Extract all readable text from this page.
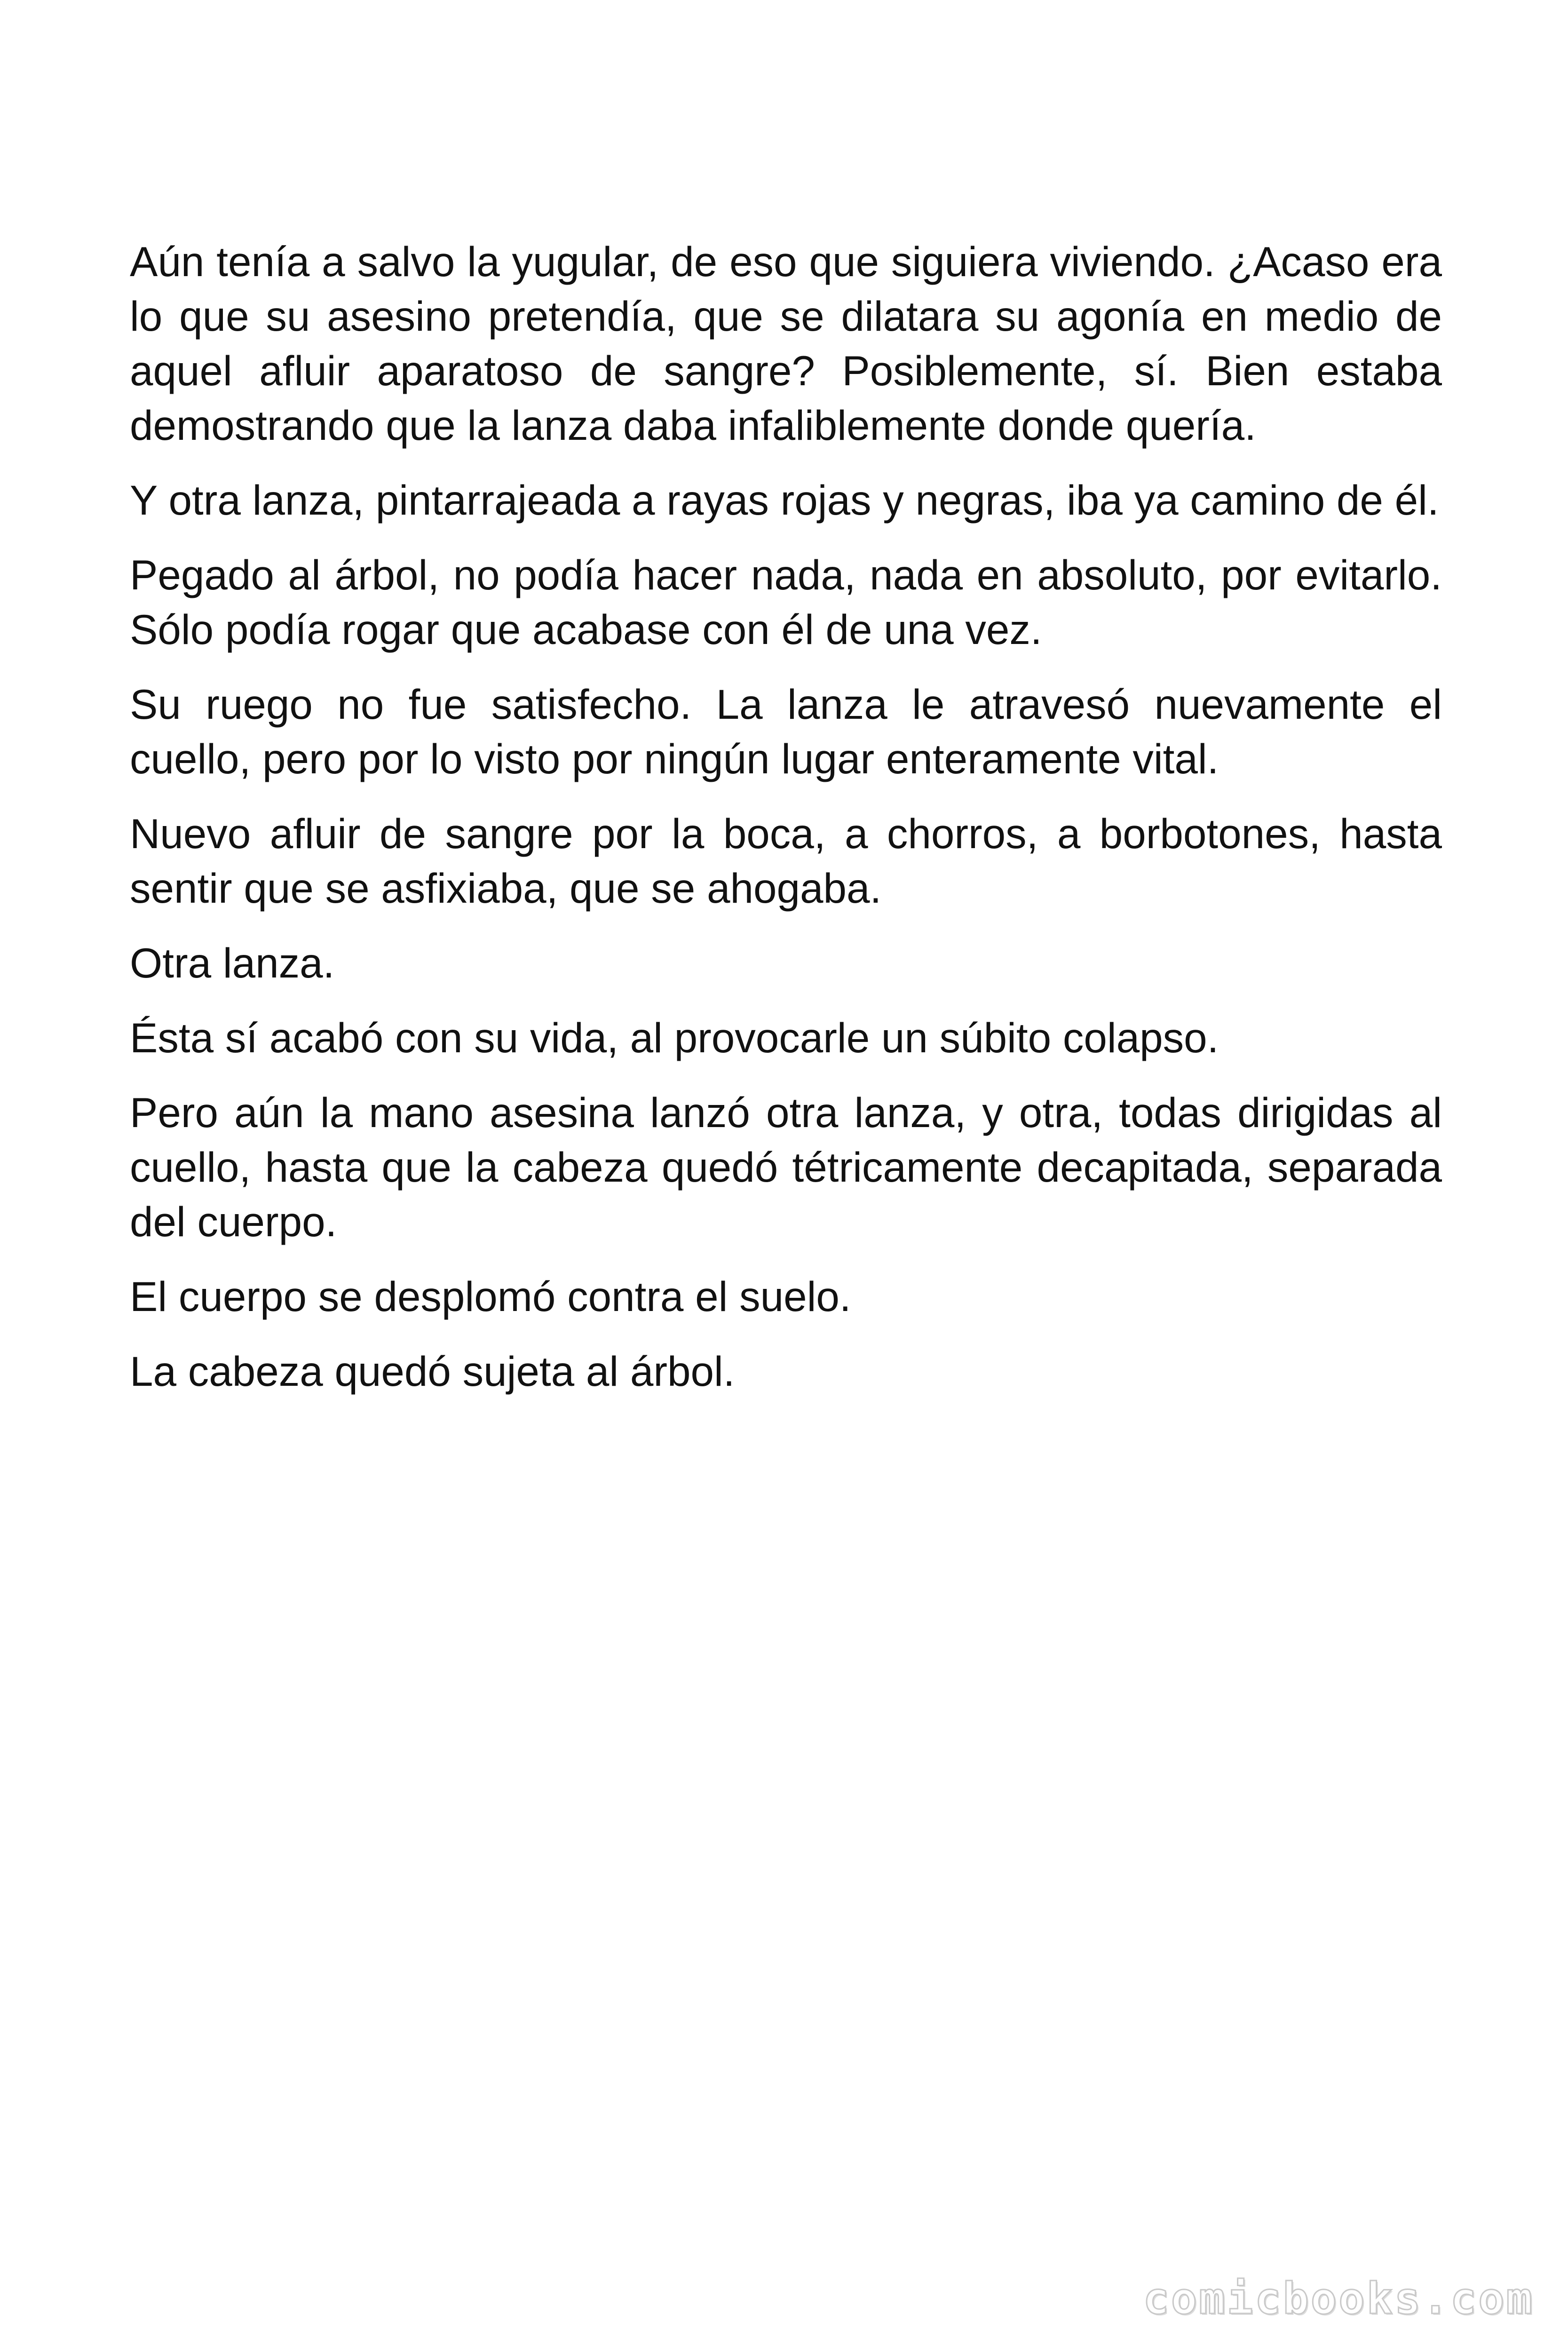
Aún tenía a salvo la yugular, de eso que siguiera viviendo. ¿Acaso era lo que su asesino pretendía, que se dilatara su agonía en medio de aquel afluir aparatoso de sangre? Posiblemente, sí. Bien estaba demostrando que la lanza daba infaliblemente donde quería.

Y otra lanza, pintarrajeada a rayas rojas y negras, iba ya camino de él.

Pegado al árbol, no podía hacer nada, nada en absoluto, por evitarlo. Sólo podía rogar que acabase con él de una vez.

Su ruego no fue satisfecho. La lanza le atravesó nuevamente el cuello, pero por lo visto por ningún lugar enteramente vital.

Nuevo afluir de sangre por la boca, a chorros, a borbotones, hasta sentir que se asfixiaba, que se ahogaba.

Otra lanza.

Ésta sí acabó con su vida, al provocarle un súbito colapso.

Pero aún la mano asesina lanzó otra lanza, y otra, todas dirigidas al cuello, hasta que la cabeza quedó tétricamente decapitada, separada del cuerpo.

El cuerpo se desplomó contra el suelo.

La cabeza quedó sujeta al árbol.

comicbooks.com
